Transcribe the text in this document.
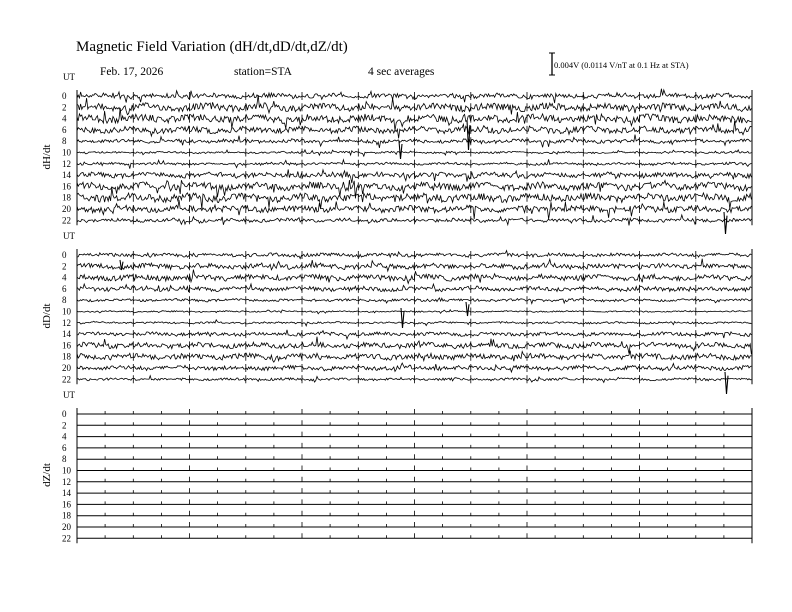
Magnetic Field Variation (dH/dt,dD/dt,dZ/dt)
Feb. 17, 2026	station=STA	4 sec averages
0.004V (0.0114 V/nT at 0.1 Hz at STA)
UT
dH/dt
0
2
4
6
8
10
12
14
16
18
20
22
UT
dD/dt
0
2
4
6
8
10
12
14
16
18
20
22
UT
dZ/dt
0
2
4
6
8
10
12
14
16
18
20
22
